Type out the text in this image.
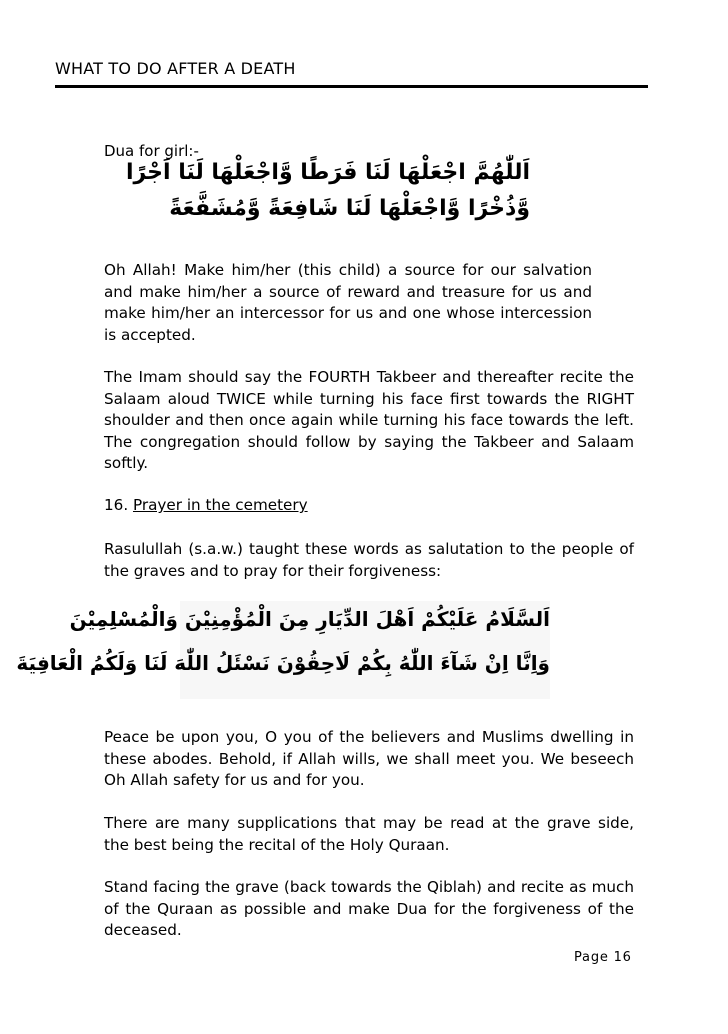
WHAT TO DO AFTER A DEATH
Dua for girl:-
اَللّٰهُمَّ اجْعَلْهَا لَنَا فَرَطًا وَّاجْعَلْهَا لَنَا اَجْرًا
وَّذُخْرًا وَّاجْعَلْهَا لَنَا شَافِعَةً وَّمُشَفَّعَةً
Oh Allah! Make him/her (this child) a source for our salvation and make him/her a source of reward and treasure for us and make him/her an intercessor for us and one whose intercession is accepted.
The Imam should say the FOURTH Takbeer and thereafter recite the Salaam aloud TWICE while turning his face first towards the RIGHT shoulder and then once again while turning his face towards the left. The congregation should follow by saying the Takbeer and Salaam softly.
16. Prayer in the cemetery
Rasulullah (s.a.w.) taught these words as salutation to the people of the graves and to pray for their forgiveness:
اَلسَّلَامُ عَلَيْكُمْ اَهْلَ الدِّيَارِ مِنَ الْمُؤْمِنِيْنَ وَالْمُسْلِمِيْنَ
وَاِنَّا اِنْ شَآءَ اللّٰهُ بِكُمْ لَاحِقُوْنَ نَسْئَلُ اللّٰهَ لَنَا وَلَكُمُ الْعَافِيَةَ
Peace be upon you, O you of the believers and Muslims dwelling in these abodes. Behold, if Allah wills, we shall meet you. We beseech Oh Allah safety for us and for you.
There are many supplications that may be read at the grave side, the best being the recital of the Holy Quraan.
Stand facing the grave (back towards the Qiblah) and recite as much of the Quraan as possible and make Dua for the forgiveness of the deceased.
Page 16
